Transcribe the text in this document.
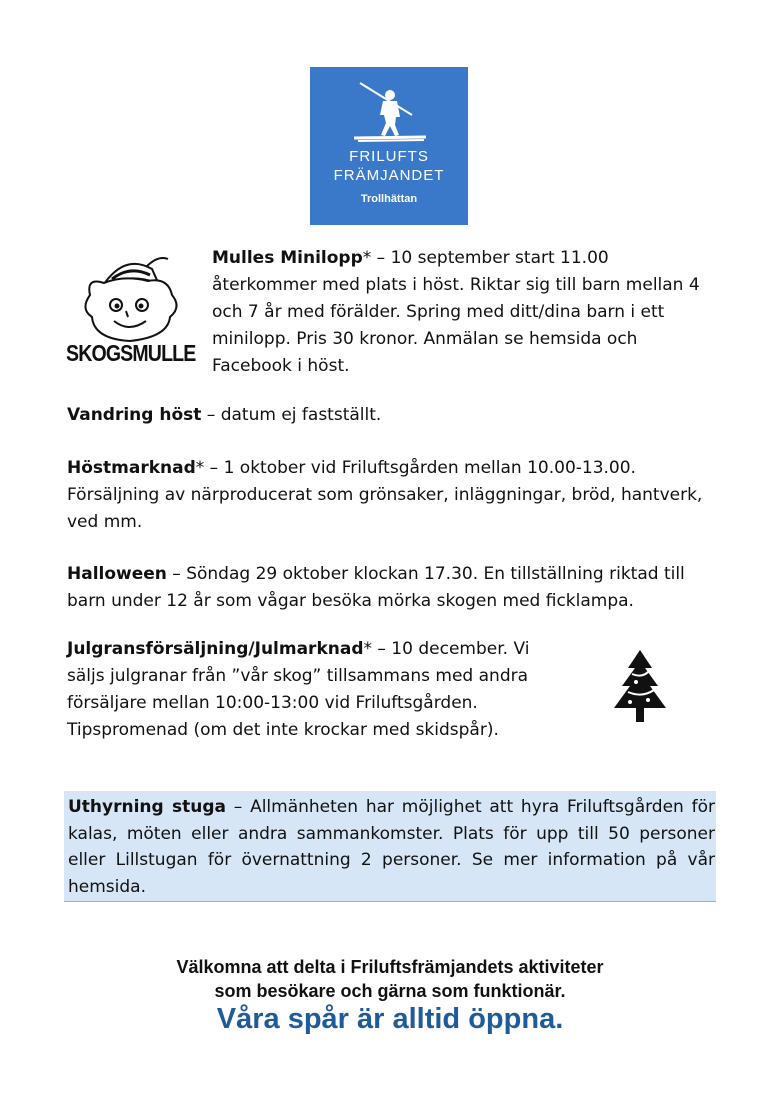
FRILUFTS
FRÄMJANDET
Trollhättan
SKOGSMULLE

Mulles Minilopp* – 10 september start 11.00 återkommer med plats i höst. Riktar sig till barn mellan 4 och 7 år med förälder. Spring med ditt/dina barn i ett minilopp. Pris 30 kronor. Anmälan se hemsida och Facebook i höst.

Vandring höst – datum ej fastställt.

Höstmarknad* – 1 oktober vid Friluftsgården mellan 10.00-13.00. Försäljning av närproducerat som grönsaker, inläggningar, bröd, hantverk, ved mm.

Halloween – Söndag 29 oktober klockan 17.30. En tillställning riktad till barn under 12 år som vågar besöka mörka skogen med ficklampa.

Julgransförsäljning/Julmarknad* – 10 december. Vi säljs julgranar från ”vår skog” tillsammans med andra försäljare mellan 10:00-13:00 vid Friluftsgården. Tipspromenad (om det inte krockar med skidspår).

Uthyrning stuga – Allmänheten har möjlighet att hyra Friluftsgården för kalas, möten eller andra sammankomster. Plats för upp till 50 personer eller Lillstugan för övernattning 2 personer. Se mer information på vår hemsida.

Välkomna att delta i Friluftsfrämjandets aktiviteter
som besökare och gärna som funktionär.
Våra spår är alltid öppna.
